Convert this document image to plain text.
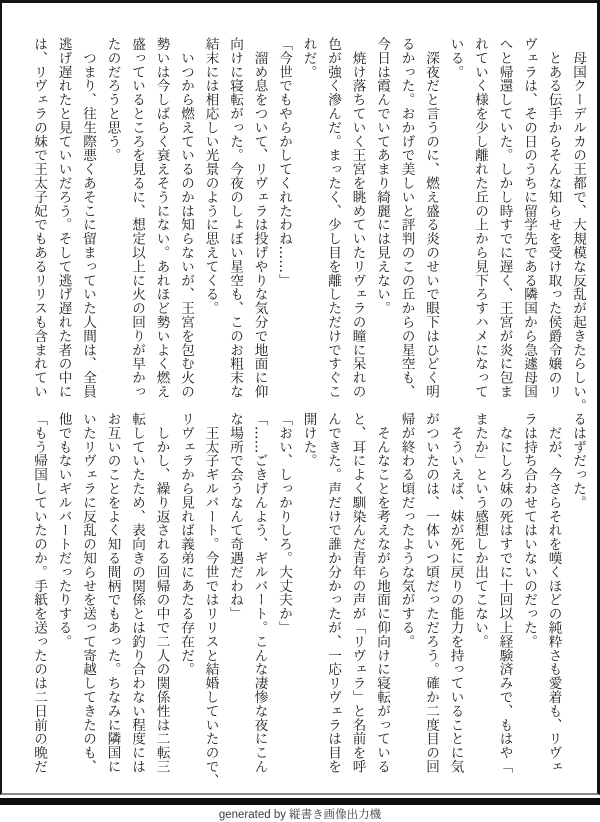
　母国クーデルカの王都で、大規模な反乱が起きたらしい。
　とある伝手からそんな知らせを受け取った侯爵令嬢のリ
ヴェラは、その日のうちに留学先である隣国から急遽母国
へと帰還していた。しかし時すでに遅く、王宮が炎に包ま
れていく様を少し離れた丘の上から見下ろすハメになって
いる。
　深夜だと言うのに、燃え盛る炎のせいで眼下はひどく明
るかった。おかげで美しいと評判のこの丘からの星空も、
今日は霞んでいてあまり綺麗には見えない。
　焼け落ちていく王宮を眺めていたリヴェラの瞳に呆れの
色が強く滲んだ。まったく、少し目を離しただけですぐこ
れだ。
「今世でもやらかしてくれたわね……」
　溜め息をついて、リヴェラは投げやりな気分で地面に仰
向けに寝転がった。今夜のしょぼい星空も、このお粗末な
結末には相応しい光景のように思えてくる。
　いつから燃えているのかは知らないが、王宮を包む火の
勢いは今しばらく衰えそうにない。あれほど勢いよく燃え
盛っているところを見るに、想定以上に火の回りが早かっ
たのだろうと思う。
　つまり、往生際悪くあそこに留まっていた人間は、全員
逃げ遅れたと見ていいだろう。そして逃げ遅れた者の中に
は、リヴェラの妹で王太子妃でもあるリリスも含まれてい
るはずだった。
　だが、今さらそれを嘆くほどの純粋さも愛着も、リヴェ
ラは持ち合わせてはいないのだった。
　なにしろ妹の死はすでに十回以上経験済みで、もはや「
またか」という感想しか出てこない。
　そういえば、妹が死に戻りの能力を持っていることに気
がついたのは、一体いつ頃だっただろう。確か二度目の回
帰が終わる頃だったような気がする。
　そんなことを考えながら地面に仰向けに寝転がっている
と、耳によく馴染んだ青年の声が「リヴェラ」と名前を呼
んできた。声だけで誰か分かったが、一応リヴェラは目を
開けた。
「おい、しっかりしろ。大丈夫か」
「……ごきげんよう、ギルバート。こんな凄惨な夜にこん
な場所で会うなんて奇遇だわね」
　王太子ギルバート。今世ではリリスと結婚していたので、
リヴェラから見れば義弟にあたる存在だ。
　しかし、繰り返される回帰の中で二人の関係性は二転三
転していたため、表向きの関係とは釣り合わない程度には
お互いのことをよく知る間柄でもあった。ちなみに隣国に
いたリヴェラに反乱の知らせを送って寄越してきたのも、
他でもないギルバートだったりする。
「もう帰国していたのか。手紙を送ったのは二日前の晩だ
generated by 縦書き画像出力機
